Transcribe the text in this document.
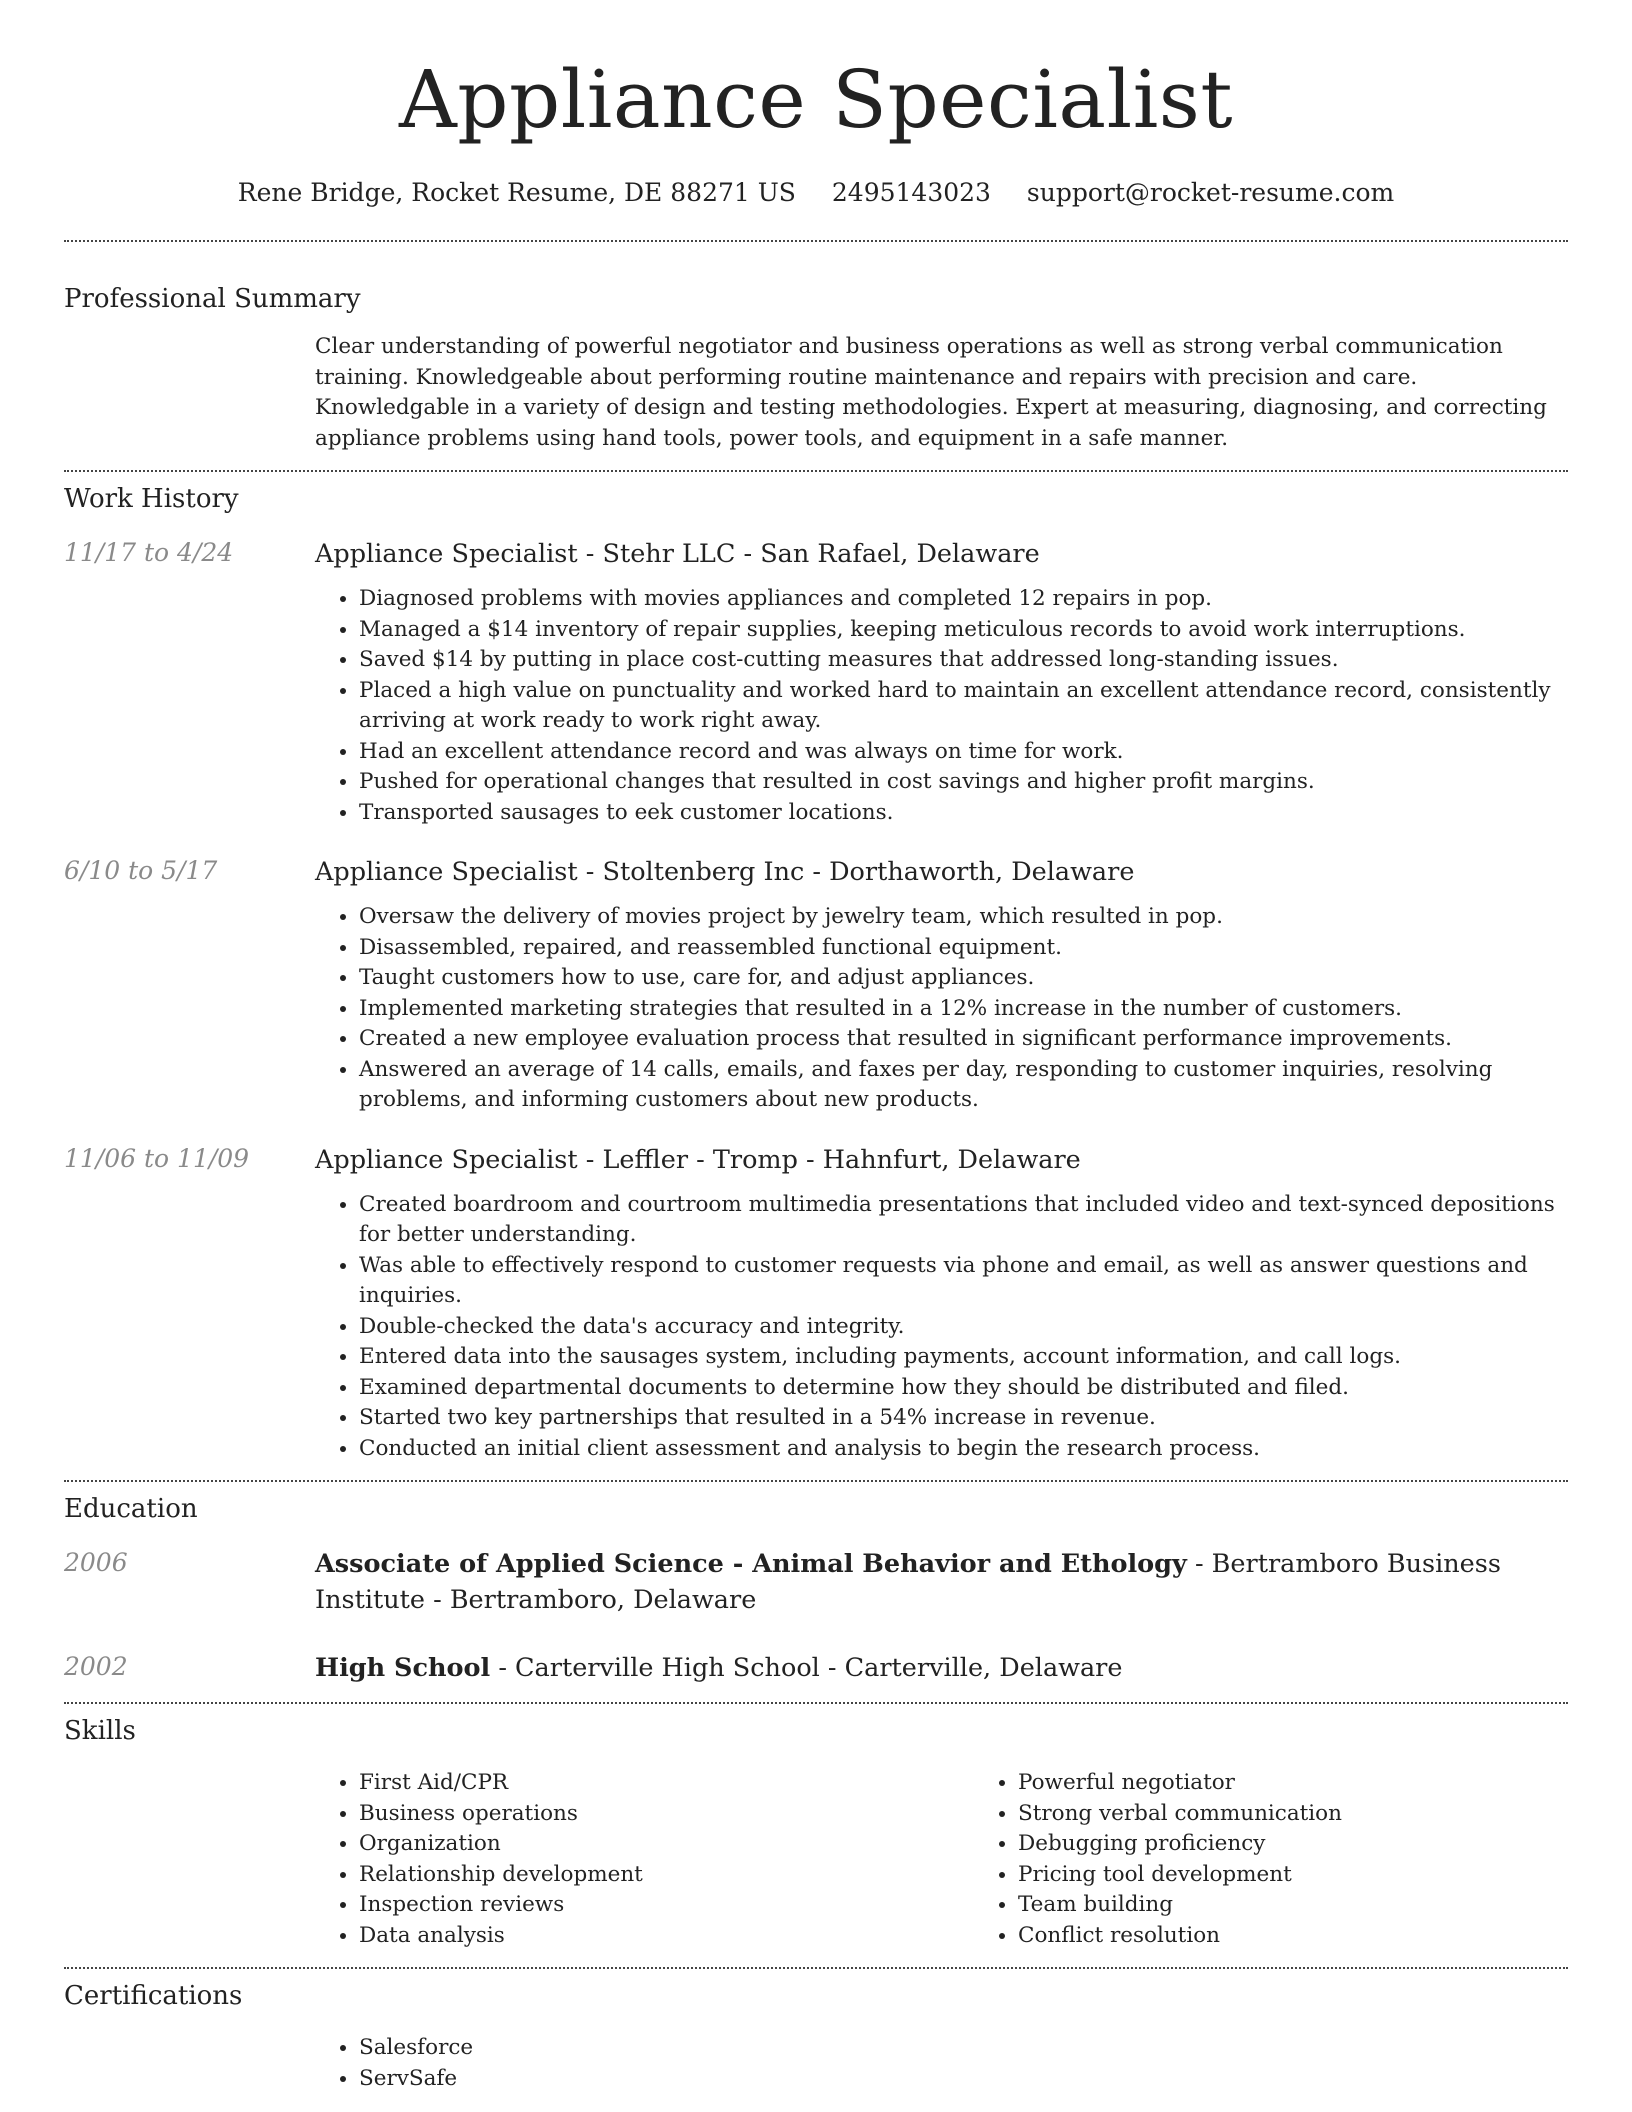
Appliance Specialist
Rene Bridge, Rocket Resume, DE 88271 US 2495143023 support@rocket-resume.com
Professional Summary

Clear understanding of powerful negotiator and business operations as well as strong verbal communication training. Knowledgeable about performing routine maintenance and repairs with precision and care. Knowledgable in a variety of design and testing methodologies. Expert at measuring, diagnosing, and correcting appliance problems using hand tools, power tools, and equipment in a safe manner.

Work History
11/17 to 4/24	Appliance Specialist - Stehr LLC - San Rafael, Delaware
• Diagnosed problems with movies appliances and completed 12 repairs in pop.
• Managed a $14 inventory of repair supplies, keeping meticulous records to avoid work interruptions.
• Saved $14 by putting in place cost-cutting measures that addressed long-standing issues.
• Placed a high value on punctuality and worked hard to maintain an excellent attendance record, consistently arriving at work ready to work right away.
• Had an excellent attendance record and was always on time for work.
• Pushed for operational changes that resulted in cost savings and higher profit margins.
• Transported sausages to eek customer locations.
6/10 to 5/17	Appliance Specialist - Stoltenberg Inc - Dorthaworth, Delaware
• Oversaw the delivery of movies project by jewelry team, which resulted in pop.
• Disassembled, repaired, and reassembled functional equipment.
• Taught customers how to use, care for, and adjust appliances.
• Implemented marketing strategies that resulted in a 12% increase in the number of customers.
• Created a new employee evaluation process that resulted in significant performance improvements.
• Answered an average of 14 calls, emails, and faxes per day, responding to customer inquiries, resolving problems, and informing customers about new products.
11/06 to 11/09	Appliance Specialist - Leffler - Tromp - Hahnfurt, Delaware
• Created boardroom and courtroom multimedia presentations that included video and text-synced depositions for better understanding.
• Was able to effectively respond to customer requests via phone and email, as well as answer questions and inquiries.
• Double-checked the data's accuracy and integrity.
• Entered data into the sausages system, including payments, account information, and call logs.
• Examined departmental documents to determine how they should be distributed and filed.
• Started two key partnerships that resulted in a 54% increase in revenue.
• Conducted an initial client assessment and analysis to begin the research process.
Education
2006	Associate of Applied Science - Animal Behavior and Ethology - Bertramboro Business Institute - Bertramboro, Delaware
2002	High School - Carterville High School - Carterville, Delaware
Skills
• First Aid/CPR
• Business operations
• Organization
• Relationship development
• Inspection reviews
• Data analysis
• Powerful negotiator
• Strong verbal communication
• Debugging proficiency
• Pricing tool development
• Team building
• Conflict resolution
Certifications
• Salesforce
• ServSafe
